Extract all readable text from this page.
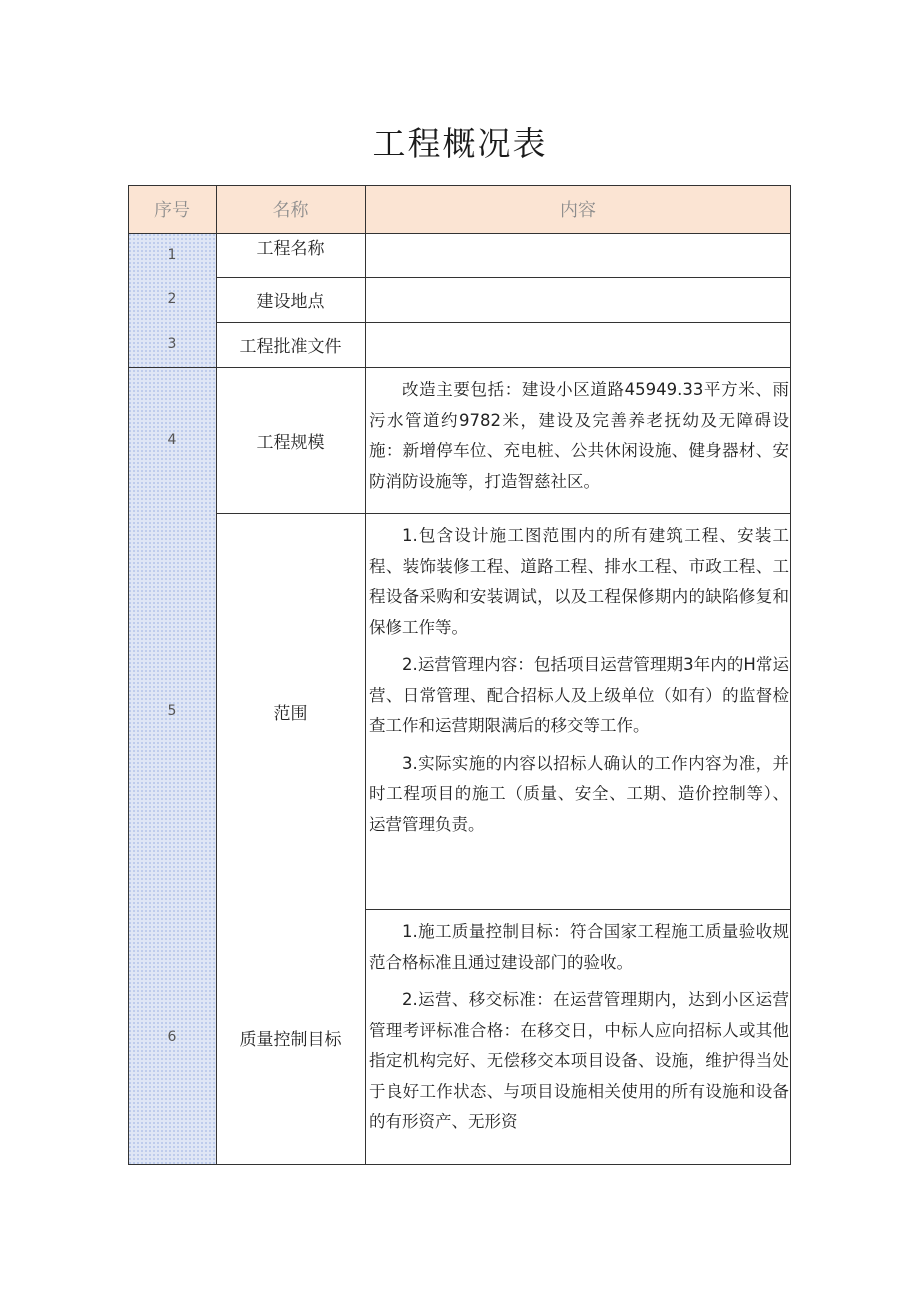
工程概况表
序号	名称	内容
1
2
3
4
5
6
工程名称
建设地点
工程批准文件
工程规模
范围
质量控制目标

改造主要包括：建设小区道路45949.33平方米、雨污水管道约9782米，建设及完善养老抚幼及无障碍设施：新增停车位、充电桩、公共休闲设施、健身器材、安防消防设施等，打造智慈社区。

1.包含设计施工图范围内的所有建筑工程、安装工程、装饰装修工程、道路工程、排水工程、市政工程、工程设备采购和安装调试，以及工程保修期内的缺陷修复和保修工作等。

2.运营管理内容：包括项目运营管理期3年内的H常运营、日常管理、配合招标人及上级单位（如有）的监督检查工作和运营期限满后的移交等工作。

3.实际实施的内容以招标人确认的工作内容为准，并时工程项目的施工（质量、安全、工期、造价控制等）、运营管理负责。

1.施工质量控制目标：符合国家工程施工质量验收规范合格标准且通过建设部门的验收。

2.运营、移交标准：在运营管理期内，达到小区运营管理考评标准合格：在移交日，中标人应向招标人或其他指定机构完好、无偿移交本项目设备、设施，维护得当处于良好工作状态、与项目设施相关使用的所有设施和设备的有形资产、无形资
